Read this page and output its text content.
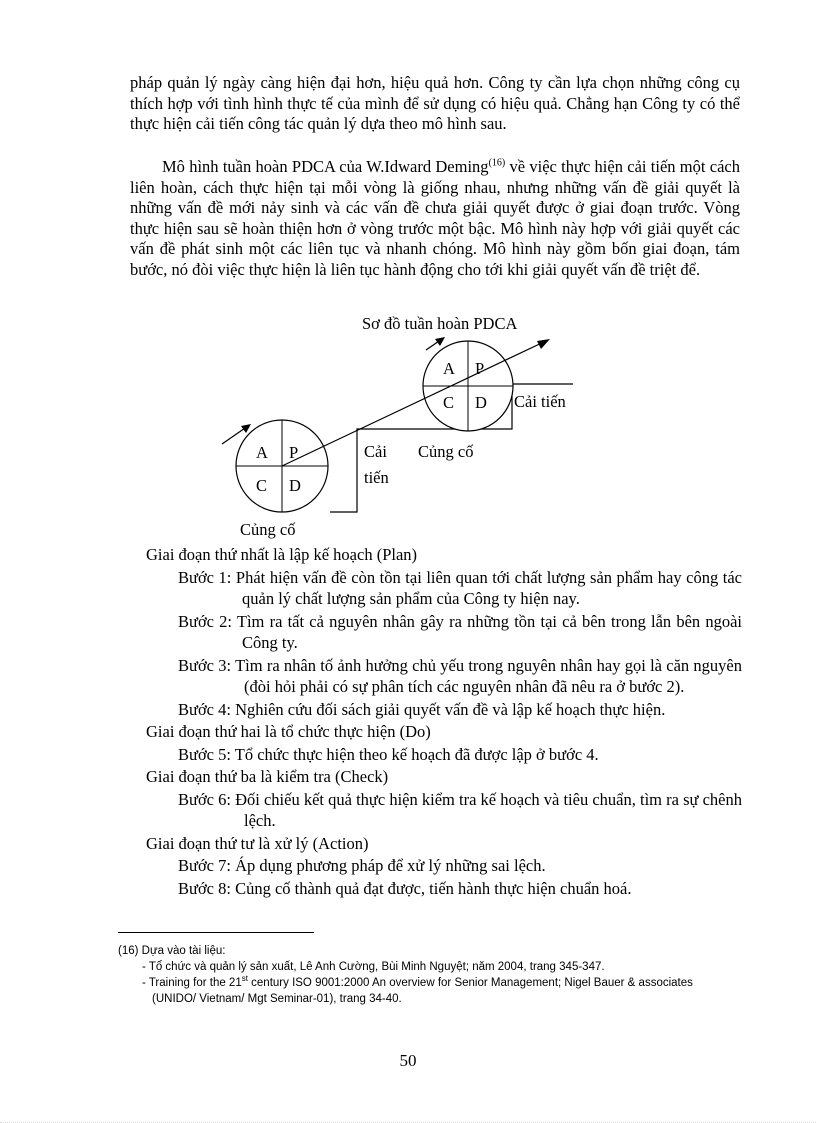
pháp quản lý ngày càng hiện đại hơn, hiệu quả hơn. Công ty cần lựa chọn những công cụ thích hợp với tình hình thực tế của mình để sử dụng có hiệu quả. Chẳng hạn Công ty có thể thực hiện cải tiến công tác quản lý dựa theo mô hình sau.

Mô hình tuần hoàn PDCA của W.Idward Deming$^{(16)}$ về việc thực hiện cải tiến một cách liên hoàn, cách thực hiện tại mỗi vòng là giống nhau, nhưng những vấn đề giải quyết là những vấn đề mới nảy sinh và các vấn đề chưa giải quyết được ở giai đoạn trước. Vòng thực hiện sau sẽ hoàn thiện hơn ở vòng trước một bậc. Mô hình này hợp với giải quyết các vấn đề phát sinh một các liên tục và nhanh chóng. Mô hình này gồm bốn giai đoạn, tám bước, nó đòi việc thực hiện là liên tục hành động cho tới khi giải quyết vấn đề triệt để.

Sơ đồ tuần hoàn PDCA
A P
C D
A P
C D
Cải
tiến
Củng cố
Cải tiến
Củng cố

Giai đoạn thứ nhất là lập kế hoạch (Plan)

Bước 1: Phát hiện vấn đề còn tồn tại liên quan tới chất lượng sản phẩm hay công tác quản lý chất lượng sản phẩm của Công ty hiện nay.

Bước 2: Tìm ra tất cả nguyên nhân gây ra những tồn tại cả bên trong lẫn bên ngoài Công ty.

Bước 3: Tìm ra nhân tố ảnh hưởng chủ yếu trong nguyên nhân hay gọi là căn nguyên (đòi hỏi phải có sự phân tích các nguyên nhân đã nêu ra ở bước 2).

Bước 4: Nghiên cứu đối sách giải quyết vấn đề và lập kế hoạch thực hiện.

Giai đoạn thứ hai là tổ chức thực hiện (Do)

Bước 5: Tổ chức thực hiện theo kế hoạch đã được lập ở bước 4.

Giai đoạn thứ ba là kiểm tra (Check)

Bước 6: Đối chiếu kết quả thực hiện kiểm tra kế hoạch và tiêu chuẩn, tìm ra sự chênh lệch.

Giai đoạn thứ tư là xử lý (Action)

Bước 7: Áp dụng phương pháp để xử lý những sai lệch.

Bước 8: Củng cố thành quả đạt được, tiến hành thực hiện chuẩn hoá.

(16) Dựa vào tài liệu:
- Tổ chức và quản lý sản xuất, Lê Anh Cường, Bùi Minh Nguyệt; năm 2004, trang 345-347.
- Training for the 21st century ISO 9001:2000 An overview for Senior Management; Nigel Bauer & associates (UNIDO/ Vietnam/ Mgt Seminar-01), trang 34-40.
50
